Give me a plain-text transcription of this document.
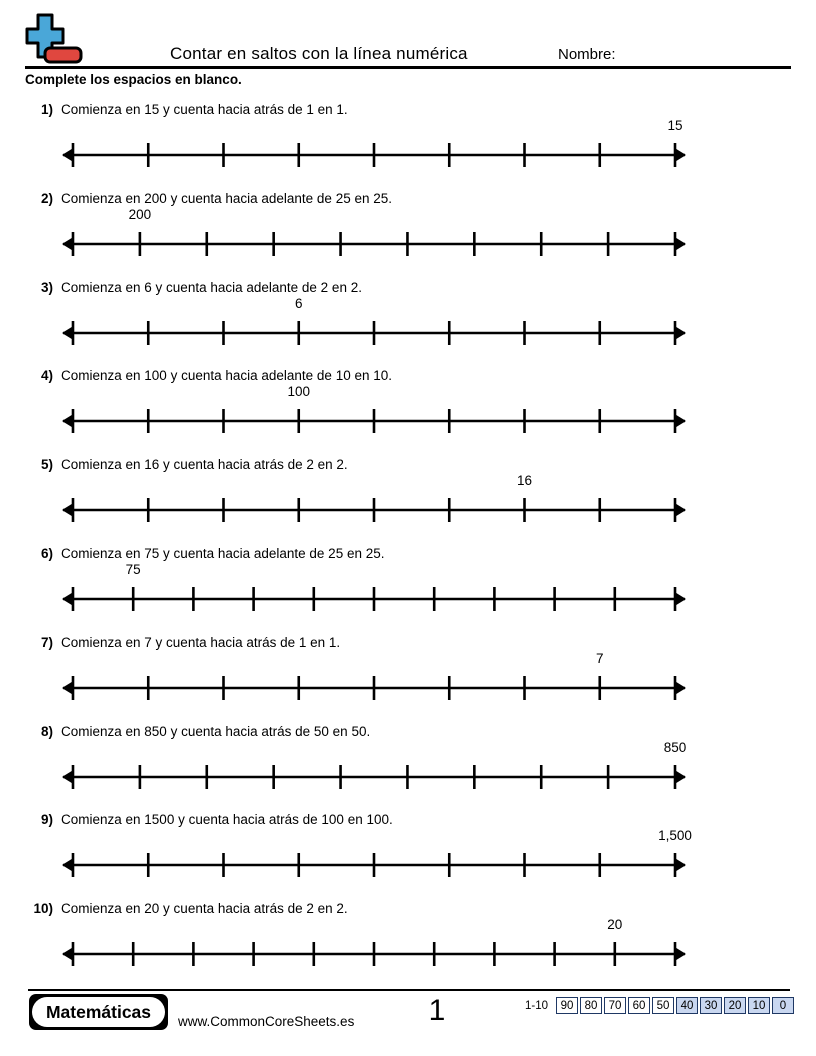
Contar en saltos con la línea numérica	Nombre:
Complete los espacios en blanco.
1) Comienza en 15 y cuenta hacia atrás de 1 en 1.
15
2) Comienza en 200 y cuenta hacia adelante de 25 en 25.
200
3) Comienza en 6 y cuenta hacia adelante de 2 en 2.
6
4) Comienza en 100 y cuenta hacia adelante de 10 en 10.
100
5) Comienza en 16 y cuenta hacia atrás de 2 en 2.
16
6) Comienza en 75 y cuenta hacia adelante de 25 en 25.
75
7) Comienza en 7 y cuenta hacia atrás de 1 en 1.
7
8) Comienza en 850 y cuenta hacia atrás de 50 en 50.
850
9) Comienza en 1500 y cuenta hacia atrás de 100 en 100.
1,500
10) Comienza en 20 y cuenta hacia atrás de 2 en 2.
20
Matemáticas	www.CommonCoreSheets.es	1	1-10	90 80 70 60 50 40 30 20 10	0
